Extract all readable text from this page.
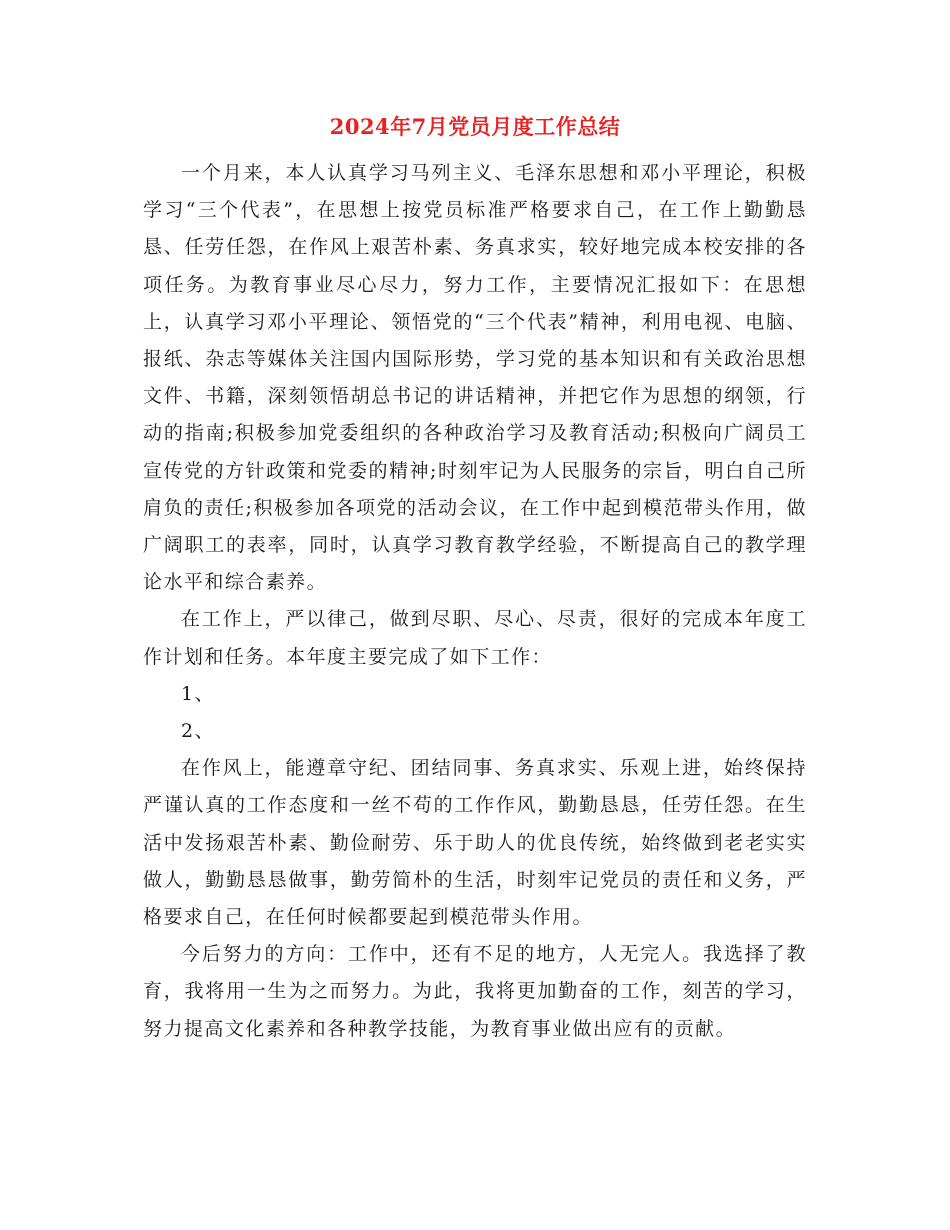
2024年7月党员月度工作总结

一个月来，本人认真学习马列主义、毛泽东思想和邓小平理论，积极学习“三个代表”，在思想上按党员标准严格要求自己，在工作上勤勤恳恳、任劳任怨，在作风上艰苦朴素、务真求实，较好地完成本校安排的各项任务。为教育事业尽心尽力，努力工作，主要情况汇报如下：在思想上，认真学习邓小平理论、领悟党的“三个代表”精神，利用电视、电脑、报纸、杂志等媒体关注国内国际形势，学习党的基本知识和有关政治思想文件、书籍，深刻领悟胡总书记的讲话精神，并把它作为思想的纲领，行动的指南;积极参加党委组织的各种政治学习及教育活动;积极向广阔员工宣传党的方针政策和党委的精神;时刻牢记为人民服务的宗旨，明白自己所肩负的责任;积极参加各项党的活动会议，在工作中起到模范带头作用，做广阔职工的表率，同时，认真学习教育教学经验，不断提高自己的教学理论水平和综合素养。

在工作上，严以律己，做到尽职、尽心、尽责，很好的完成本年度工作计划和任务。本年度主要完成了如下工作：

1、

2、

在作风上，能遵章守纪、团结同事、务真求实、乐观上进，始终保持严谨认真的工作态度和一丝不苟的工作作风，勤勤恳恳，任劳任怨。在生活中发扬艰苦朴素、勤俭耐劳、乐于助人的优良传统，始终做到老老实实做人，勤勤恳恳做事，勤劳简朴的生活，时刻牢记党员的责任和义务，严格要求自己，在任何时候都要起到模范带头作用。

今后努力的方向：工作中，还有不足的地方，人无完人。我选择了教育，我将用一生为之而努力。为此，我将更加勤奋的工作，刻苦的学习，努力提高文化素养和各种教学技能，为教育事业做出应有的贡献。
